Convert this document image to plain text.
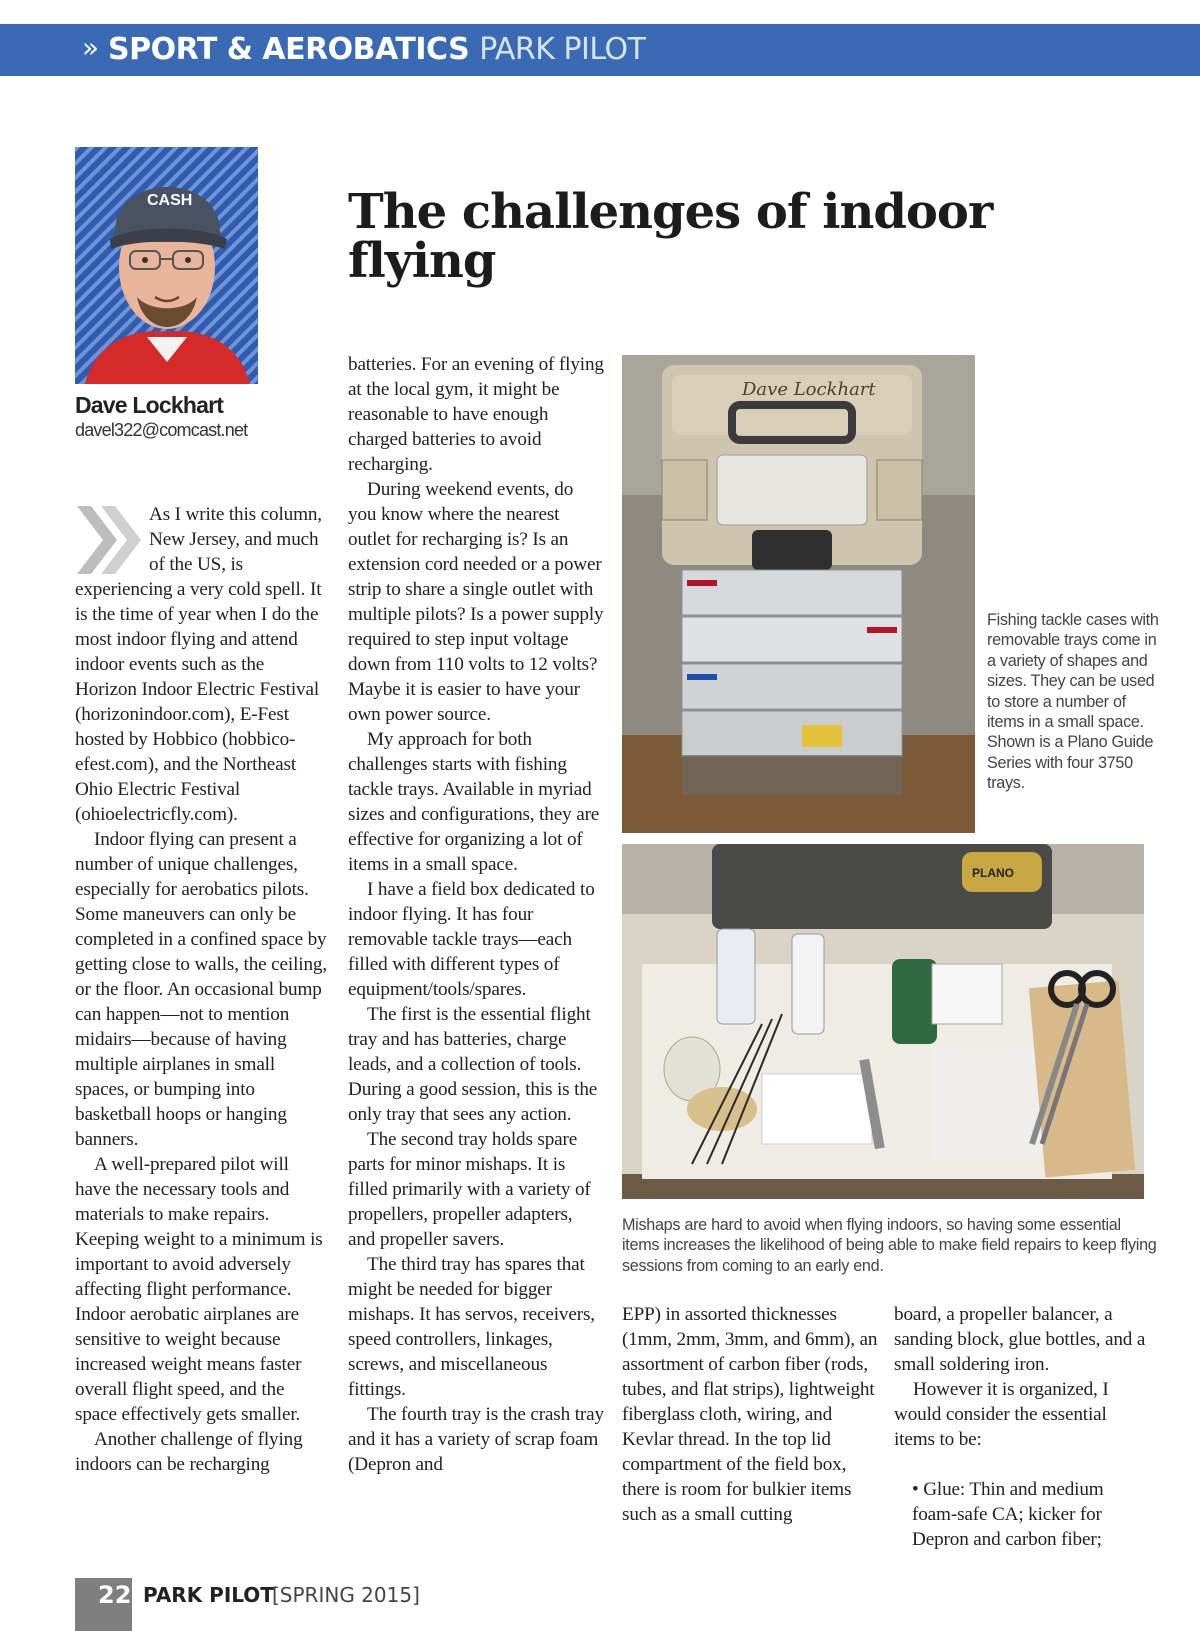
» SPORT & AEROBATICS PARK PILOT
CASH
Dave Lockhart
davel322@comcast.net
The challenges of indoor flying

As I write this column, New Jersey, and much of the US, is experiencing a very cold spell. It is the time of year when I do the most indoor flying and attend indoor events such as the Horizon Indoor Electric Festival (horizonindoor.com), E-Fest hosted by Hobbico (hobbico-efest.com), and the Northeast Ohio Electric Festival (ohioelectricfly.com).

Indoor flying can present a number of unique challenges, especially for aerobatics pilots. Some maneuvers can only be completed in a confined space by getting close to walls, the ceiling, or the floor. An occasional bump can happen—not to mention midairs—because of having multiple airplanes in small spaces, or bumping into basketball hoops or hanging banners.

A well-prepared pilot will have the necessary tools and materials to make repairs. Keeping weight to a minimum is important to avoid adversely affecting flight performance. Indoor aerobatic airplanes are sensitive to weight because increased weight means faster overall flight speed, and the space effectively gets smaller.

Another challenge of flying indoors can be recharging

batteries. For an evening of flying at the local gym, it might be reasonable to have enough charged batteries to avoid recharging.

During weekend events, do you know where the nearest outlet for recharging is? Is an extension cord needed or a power strip to share a single outlet with multiple pilots? Is a power supply required to step input voltage down from 110 volts to 12 volts? Maybe it is easier to have your own power source.

My approach for both challenges starts with fishing tackle trays. Available in myriad sizes and configurations, they are effective for organizing a lot of items in a small space.

I have a field box dedicated to indoor flying. It has four removable tackle trays—each filled with different types of equipment/tools/spares.

The first is the essential flight tray and has batteries, charge leads, and a collection of tools. During a good session, this is the only tray that sees any action.

The second tray holds spare parts for minor mishaps. It is filled primarily with a variety of propellers, propeller adapters, and propeller savers.

The third tray has spares that might be needed for bigger mishaps. It has servos, receivers, speed controllers, linkages, screws, and miscellaneous fittings.

The fourth tray is the crash tray and it has a variety of scrap foam (Depron and

Dave Lockhart
Fishing tackle cases with removable trays come in a variety of shapes and sizes. They can be used to store a number of items in a small space. Shown is a Plano Guide Series with four 3750 trays.
PLANO
Mishaps are hard to avoid when flying indoors, so having some essential items increases the likelihood of being able to make field repairs to keep flying sessions from coming to an early end.

EPP) in assorted thicknesses (1mm, 2mm, 3mm, and 6mm), an assortment of carbon fiber (rods, tubes, and flat strips), lightweight fiberglass cloth, wiring, and Kevlar thread. In the top lid compartment of the field box, there is room for bulkier items such as a small cutting

board, a propeller balancer, a sanding block, glue bottles, and a small soldering iron.

However it is organized, I would consider the essential items to be:

• Glue: Thin and medium foam-safe CA; kicker for Depron and carbon fiber;

22 PARK PILOT
[SPRING 2015]
